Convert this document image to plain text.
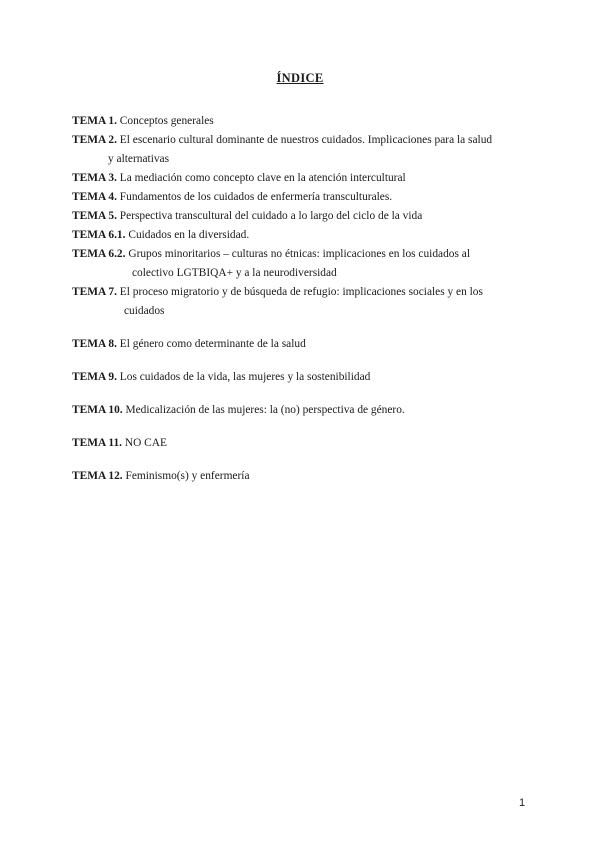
ÍNDICE

TEMA 1. Conceptos generales

TEMA 2. El escenario cultural dominante de nuestros cuidados. Implicaciones para la salud
y alternativas

TEMA 3. La mediación como concepto clave en la atención intercultural

TEMA 4. Fundamentos de los cuidados de enfermería transculturales.

TEMA 5. Perspectiva transcultural del cuidado a lo largo del ciclo de la vida

TEMA 6.1. Cuidados en la diversidad.

TEMA 6.2. Grupos minoritarios – culturas no étnicas: implicaciones en los cuidados al
colectivo LGTBIQA+ y a la neurodiversidad

TEMA 7. El proceso migratorio y de búsqueda de refugio: implicaciones sociales y en los
cuidados

TEMA 8. El género como determinante de la salud

TEMA 9. Los cuidados de la vida, las mujeres y la sostenibilidad

TEMA 10. Medicalización de las mujeres: la (no) perspectiva de género.

TEMA 11. NO CAE

TEMA 12. Feminismo(s) y enfermería

1
